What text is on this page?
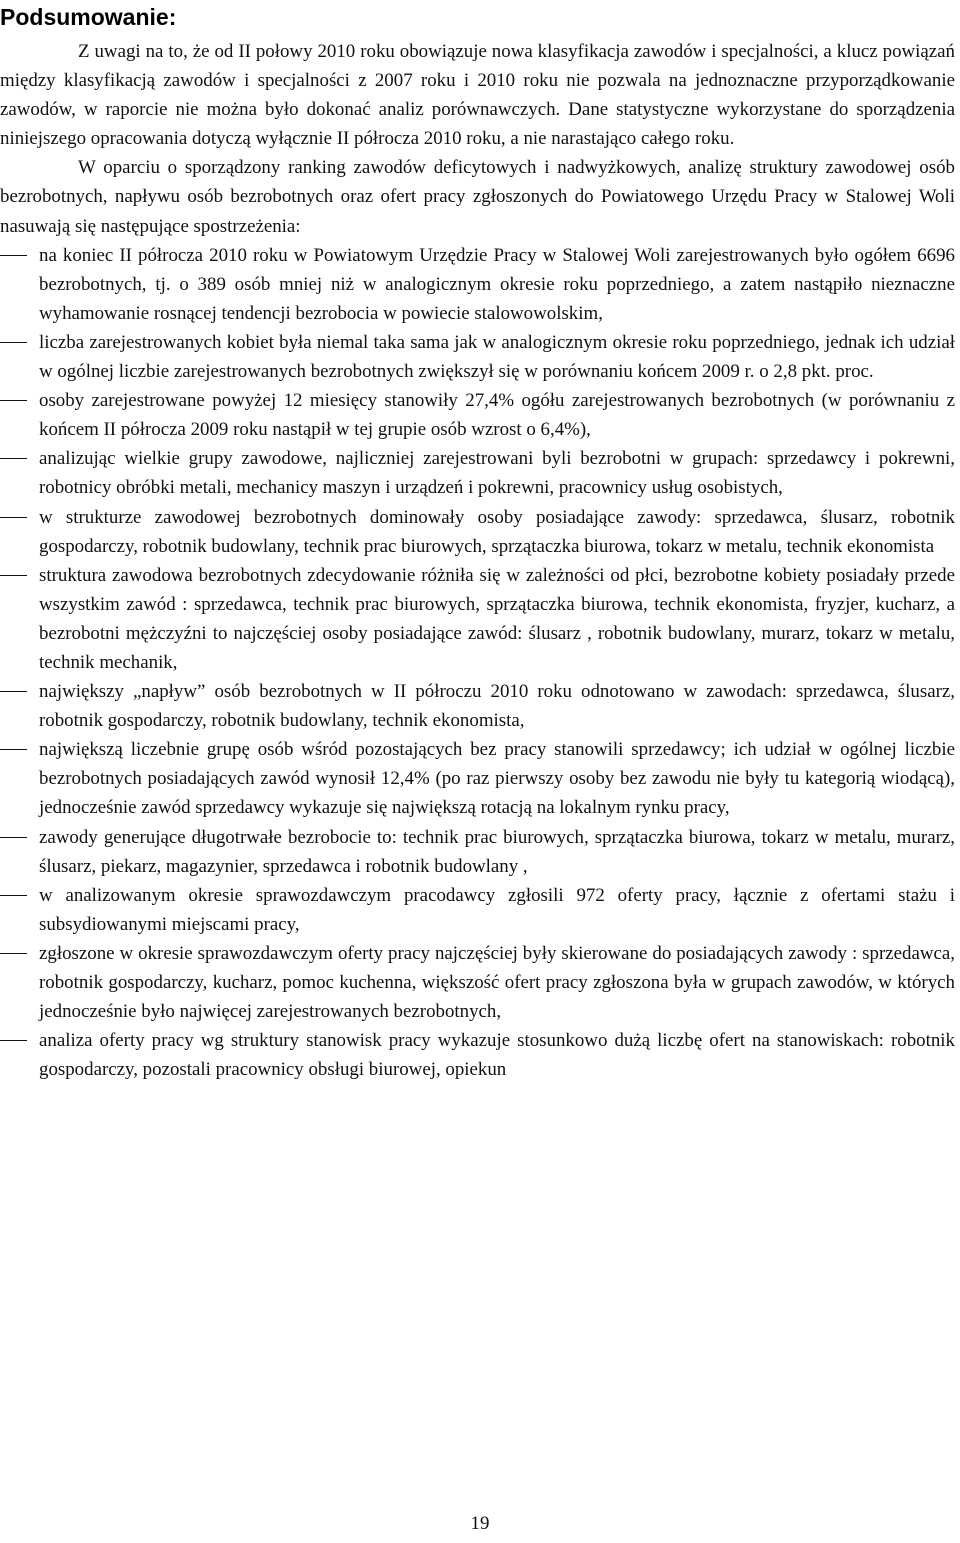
Podsumowanie:

Z uwagi na to, że od II połowy 2010 roku obowiązuje nowa klasyfikacja zawodów i specjalności, a klucz powiązań między klasyfikacją zawodów i specjalności z 2007 roku i 2010 roku nie pozwala na jednoznaczne przyporządkowanie zawodów, w raporcie nie można było dokonać analiz porównawczych. Dane statystyczne wykorzystane do sporządzenia niniejszego opracowania dotyczą wyłącznie II półrocza 2010 roku, a nie narastająco całego roku.

W oparciu o sporządzony ranking zawodów deficytowych i nadwyżkowych, analizę struktury zawodowej osób bezrobotnych, napływu osób bezrobotnych oraz ofert pracy zgłoszonych do Powiatowego Urzędu Pracy w Stalowej Woli nasuwają się następujące spostrzeżenia:

na koniec II półrocza 2010 roku w Powiatowym Urzędzie Pracy w Stalowej Woli zarejestrowanych było ogółem 6696 bezrobotnych, tj. o 389 osób mniej niż w analogicznym okresie roku poprzedniego, a zatem nastąpiło nieznaczne wyhamowanie rosnącej tendencji bezrobocia w powiecie stalowowolskim,
liczba zarejestrowanych kobiet była niemal taka sama jak w analogicznym okresie roku poprzedniego, jednak ich udział w ogólnej liczbie zarejestrowanych bezrobotnych zwiększył się w porównaniu końcem 2009 r. o 2,8 pkt. proc.
osoby zarejestrowane powyżej 12 miesięcy stanowiły 27,4% ogółu zarejestrowanych bezrobotnych (w porównaniu z końcem II półrocza 2009 roku nastąpił w tej grupie osób wzrost o 6,4%),
analizując wielkie grupy zawodowe, najliczniej zarejestrowani byli bezrobotni w grupach: sprzedawcy i pokrewni, robotnicy obróbki metali, mechanicy maszyn i urządzeń i pokrewni, pracownicy usług osobistych,
w strukturze zawodowej bezrobotnych dominowały osoby posiadające zawody: sprzedawca, ślusarz, robotnik gospodarczy, robotnik budowlany, technik prac biurowych, sprzątaczka biurowa, tokarz w metalu, technik ekonomista
struktura zawodowa bezrobotnych zdecydowanie różniła się w zależności od płci, bezrobotne kobiety posiadały przede wszystkim zawód : sprzedawca, technik prac biurowych, sprzątaczka biurowa, technik ekonomista, fryzjer, kucharz, a bezrobotni mężczyźni to najczęściej osoby posiadające zawód: ślusarz , robotnik budowlany, murarz, tokarz w metalu, technik mechanik,
największy „napływ” osób bezrobotnych w II półroczu 2010 roku odnotowano w zawodach: sprzedawca, ślusarz, robotnik gospodarczy, robotnik budowlany, technik ekonomista,
największą liczebnie grupę osób wśród pozostających bez pracy stanowili sprzedawcy; ich udział w ogólnej liczbie bezrobotnych posiadających zawód wynosił 12,4% (po raz pierwszy osoby bez zawodu nie były tu kategorią wiodącą), jednocześnie zawód sprzedawcy wykazuje się największą rotacją na lokalnym rynku pracy,
zawody generujące długotrwałe bezrobocie to: technik prac biurowych, sprzątaczka biurowa, tokarz w metalu, murarz, ślusarz, piekarz, magazynier, sprzedawca i robotnik budowlany ,
w analizowanym okresie sprawozdawczym pracodawcy zgłosili 972 oferty pracy, łącznie z ofertami stażu i subsydiowanymi miejscami pracy,
zgłoszone w okresie sprawozdawczym oferty pracy najczęściej były skierowane do posiadających zawody : sprzedawca, robotnik gospodarczy, kucharz, pomoc kuchenna, większość ofert pracy zgłoszona była w grupach zawodów, w których jednocześnie było najwięcej zarejestrowanych bezrobotnych,
analiza oferty pracy wg struktury stanowisk pracy wykazuje stosunkowo dużą liczbę ofert na stanowiskach: robotnik gospodarczy, pozostali pracownicy obsługi biurowej, opiekun
19
